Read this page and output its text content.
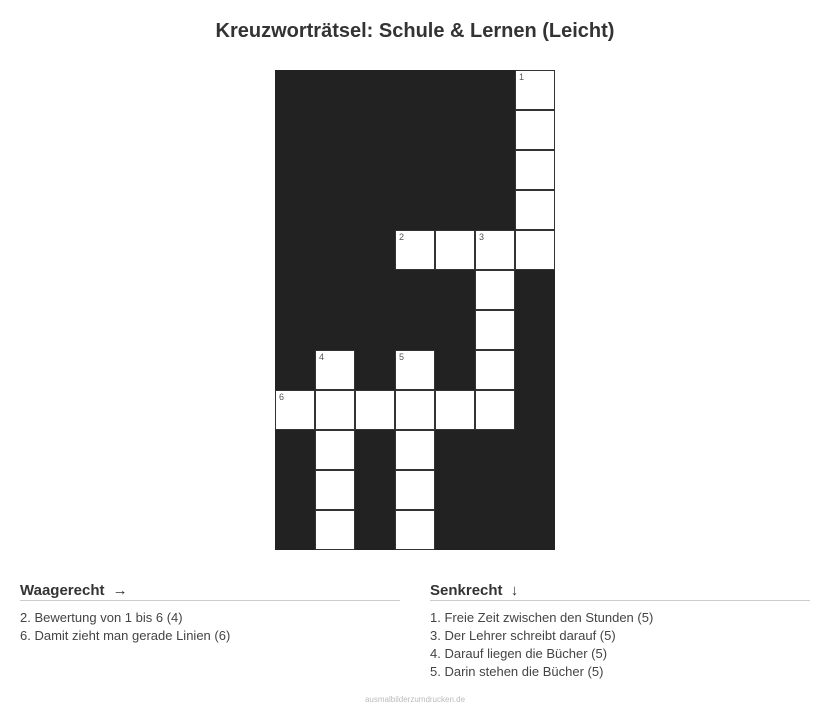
Kreuzworträtsel: Schule & Lernen (Leicht)
1
2	3
4	5
6
Waagerecht →
2. Bewertung von 1 bis 6 (4)
6. Damit zieht man gerade Linien (6)
Senkrecht ↓
1. Freie Zeit zwischen den Stunden (5)
3. Der Lehrer schreibt darauf (5)
4. Darauf liegen die Bücher (5)
5. Darin stehen die Bücher (5)
ausmalbilderzumdrucken.de
